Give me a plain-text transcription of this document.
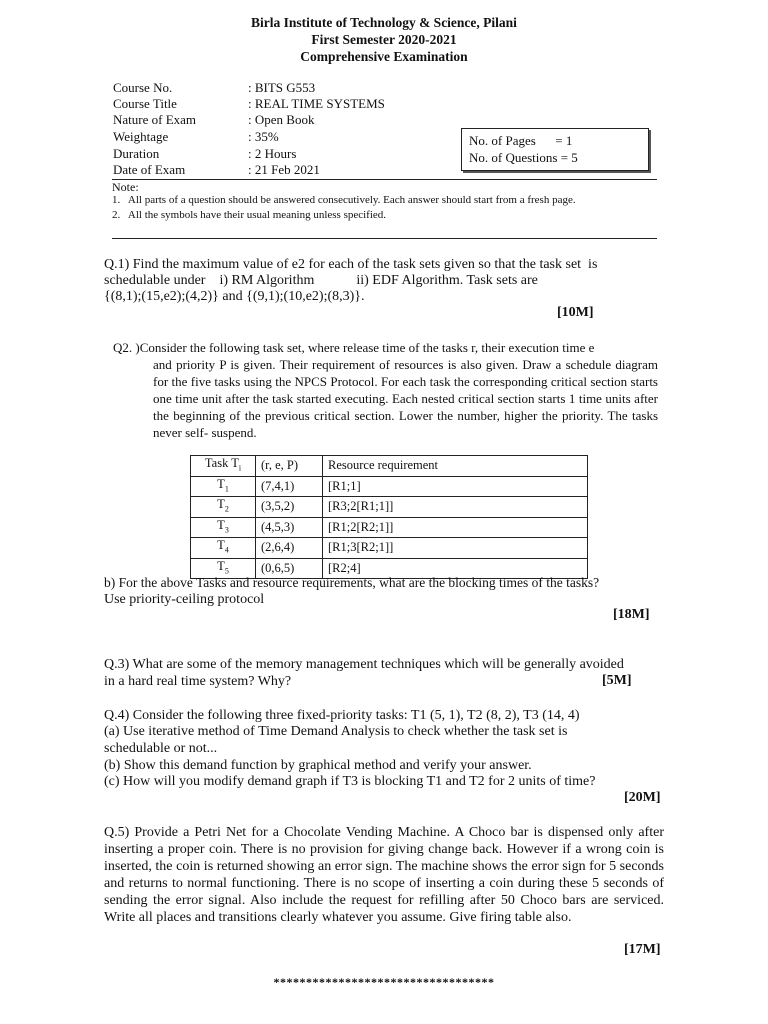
Birla Institute of Technology & Science, Pilani
First Semester 2020-2021
Comprehensive Examination
Course No.	: BITS G553
Course Title	: REAL TIME SYSTEMS
Nature of Exam	: Open Book
Weightage	: 35%
Duration	: 2 Hours
Date of Exam	: 21 Feb 2021
No. of Pages      = 1
No. of Questions = 5
Note:
1.   All parts of a question should be answered consecutively. Each answer should start from a fresh page.
2.   All the symbols have their usual meaning unless specified.
Q.1) Find the maximum value of e2 for each of the task sets given so that the task set  is
schedulable under    i) RM Algorithm            ii) EDF Algorithm. Task sets are
{(8,1);(15,e2);(4,2)} and {(9,1);(10,e2);(8,3)}.
[10M]
Q2. )Consider the following task set, where release time of the tasks r, their execution time e
and priority P is given. Their requirement of resources is also given. Draw a schedule diagram for the five tasks using the NPCS Protocol. For each task the corresponding critical section starts one time unit after the task started executing. Each nested critical section starts 1 time units after the beginning of the previous critical section. Lower the number, higher the priority. The tasks never self- suspend.
Task $T_i$	(r, e, P)	Resource requirement
$T_1$	(7,4,1)	[R1;1]
$T_2$	(3,5,2)	[R3;2[R1;1]]
$T_3$	(4,5,3)	[R1;2[R2;1]]
$T_4$	(2,6,4)	[R1;3[R2;1]]
$T_5$	(0,6,5)	[R2;4]
b) For the above Tasks and resource requirements, what are the blocking times of the tasks?
Use priority-ceiling protocol
[18M]
Q.3) What are some of the memory management techniques which will be generally avoided
in a hard real time system? Why?	[5M]
Q.4) Consider the following three fixed-priority tasks: T1 (5, 1), T2 (8, 2), T3 (14, 4)
(a) Use iterative method of Time Demand Analysis to check whether the task set is
schedulable or not...
(b) Show this demand function by graphical method and verify your answer.
(c) How will you modify demand graph if T3 is blocking T1 and T2 for 2 units of time?
[20M]
Q.5) Provide a Petri Net for a Chocolate Vending Machine. A Choco bar is dispensed only after inserting a proper coin. There is no provision for giving change back. However if a wrong coin is inserted, the coin is returned showing an error sign. The machine shows the error sign for 5 seconds and returns to normal functioning. There is no scope of inserting a coin during these 5 seconds of sending the error signal. Also include the request for refilling after 50 Choco bars are serviced. Write all places and transitions clearly whatever you assume. Give firing table also.
[17M]
**********************************
